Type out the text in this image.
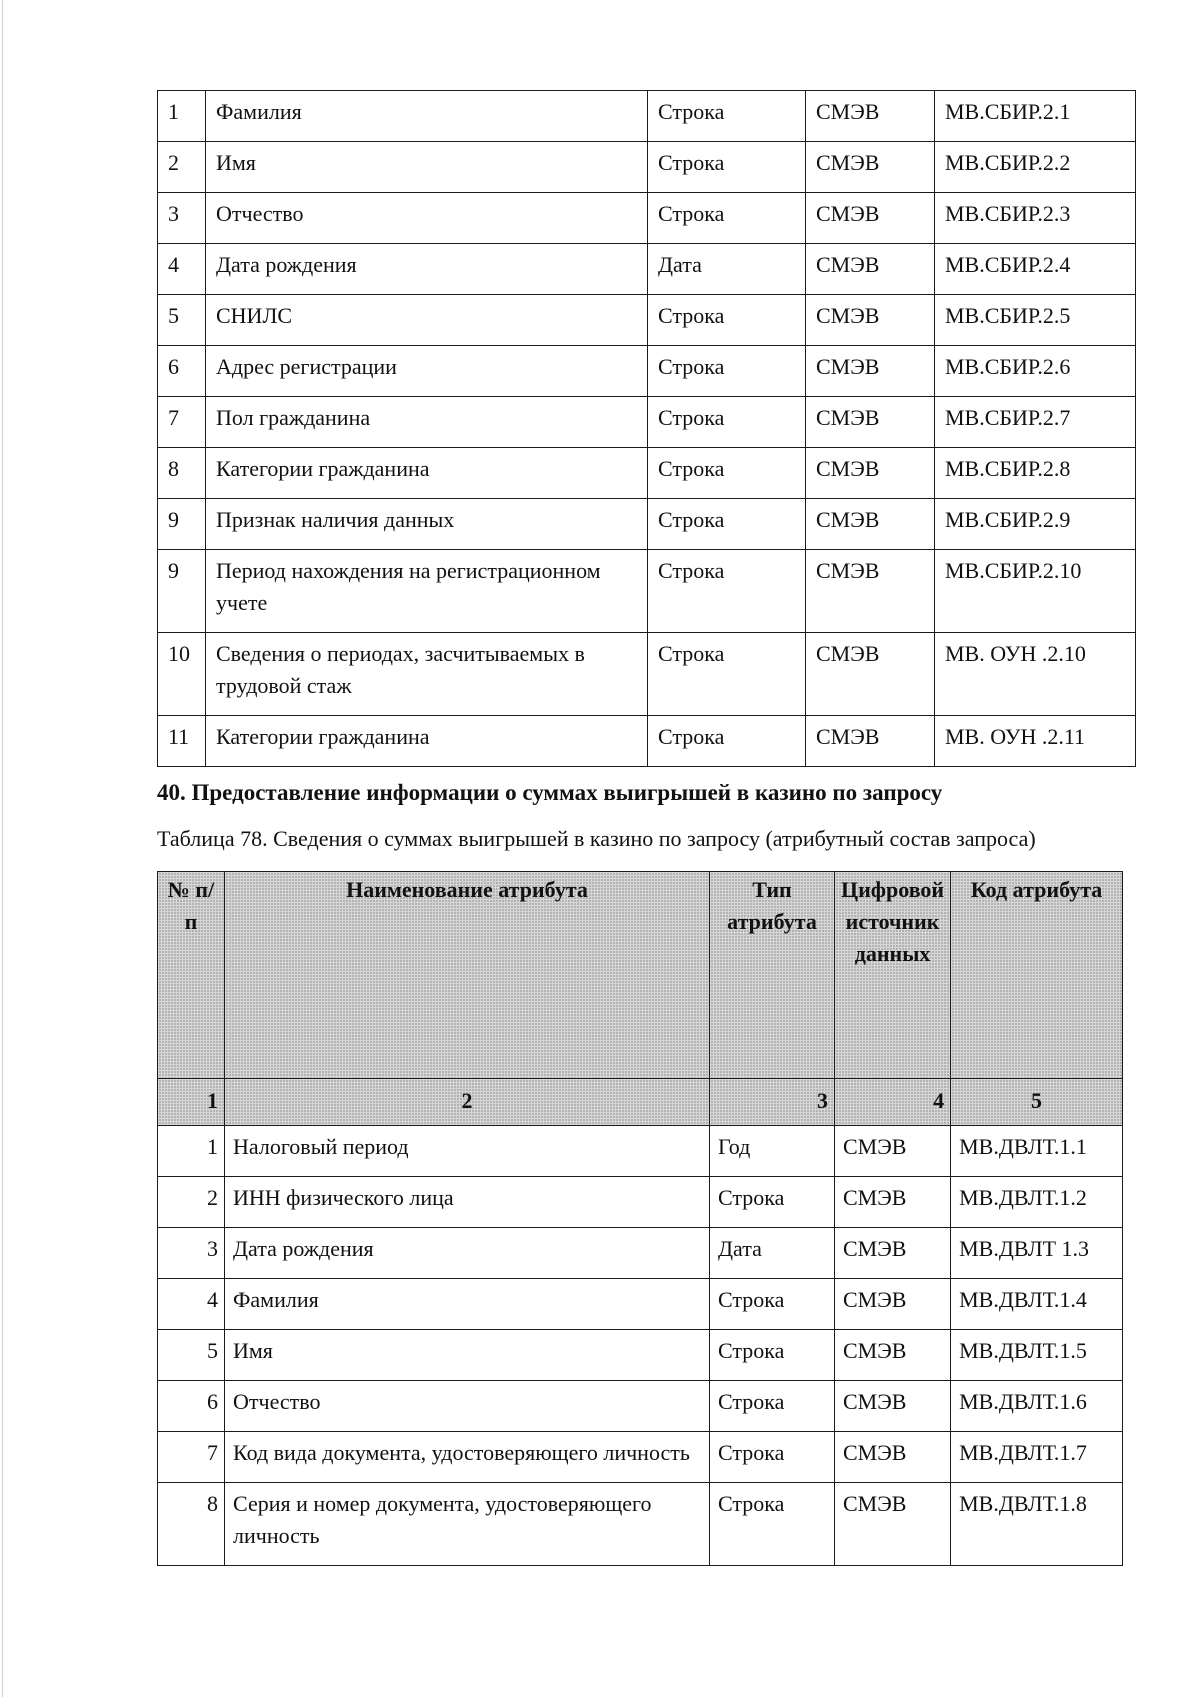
1	Фамилия	Строка	СМЭВ	МВ.СБИР.2.1
2	Имя	Строка	СМЭВ	МВ.СБИР.2.2
3	Отчество	Строка	СМЭВ	МВ.СБИР.2.3
4	Дата рождения	Дата	СМЭВ	МВ.СБИР.2.4
5	СНИЛС	Строка	СМЭВ	МВ.СБИР.2.5
6	Адрес регистрации	Строка	СМЭВ	МВ.СБИР.2.6
7	Пол гражданина	Строка	СМЭВ	МВ.СБИР.2.7
8	Категории гражданина	Строка	СМЭВ	МВ.СБИР.2.8
9	Признак наличия данных	Строка	СМЭВ	МВ.СБИР.2.9
9	Период нахождения на регистрационном учете	Строка	СМЭВ	МВ.СБИР.2.10
10	Сведения о периодах, засчитываемых в трудовой стаж	Строка	СМЭВ	МВ. ОУН .2.10
11	Категории гражданина	Строка	СМЭВ	МВ. ОУН .2.11
40. Предоставление информации о суммах выигрышей в казино по запросу

Таблица 78. Сведения о суммах выигрышей в казино по запросу (атрибутный состав запроса)

№ п/п	Наименование атрибута	Тип атрибута	Цифровой источник данных	Код атрибута
1	2	3	4	5
1	Налоговый период	Год	СМЭВ	МВ.ДВЛТ.1.1
2	ИНН физического лица	Строка	СМЭВ	МВ.ДВЛТ.1.2
3	Дата рождения	Дата	СМЭВ	МВ.ДВЛТ 1.3
4	Фамилия	Строка	СМЭВ	МВ.ДВЛТ.1.4
5	Имя	Строка	СМЭВ	МВ.ДВЛТ.1.5
6	Отчество	Строка	СМЭВ	МВ.ДВЛТ.1.6
7	Код вида документа, удостоверяющего личность	Строка	СМЭВ	МВ.ДВЛТ.1.7
8	Серия и номер документа, удостоверяющего личность	Строка	СМЭВ	МВ.ДВЛТ.1.8
